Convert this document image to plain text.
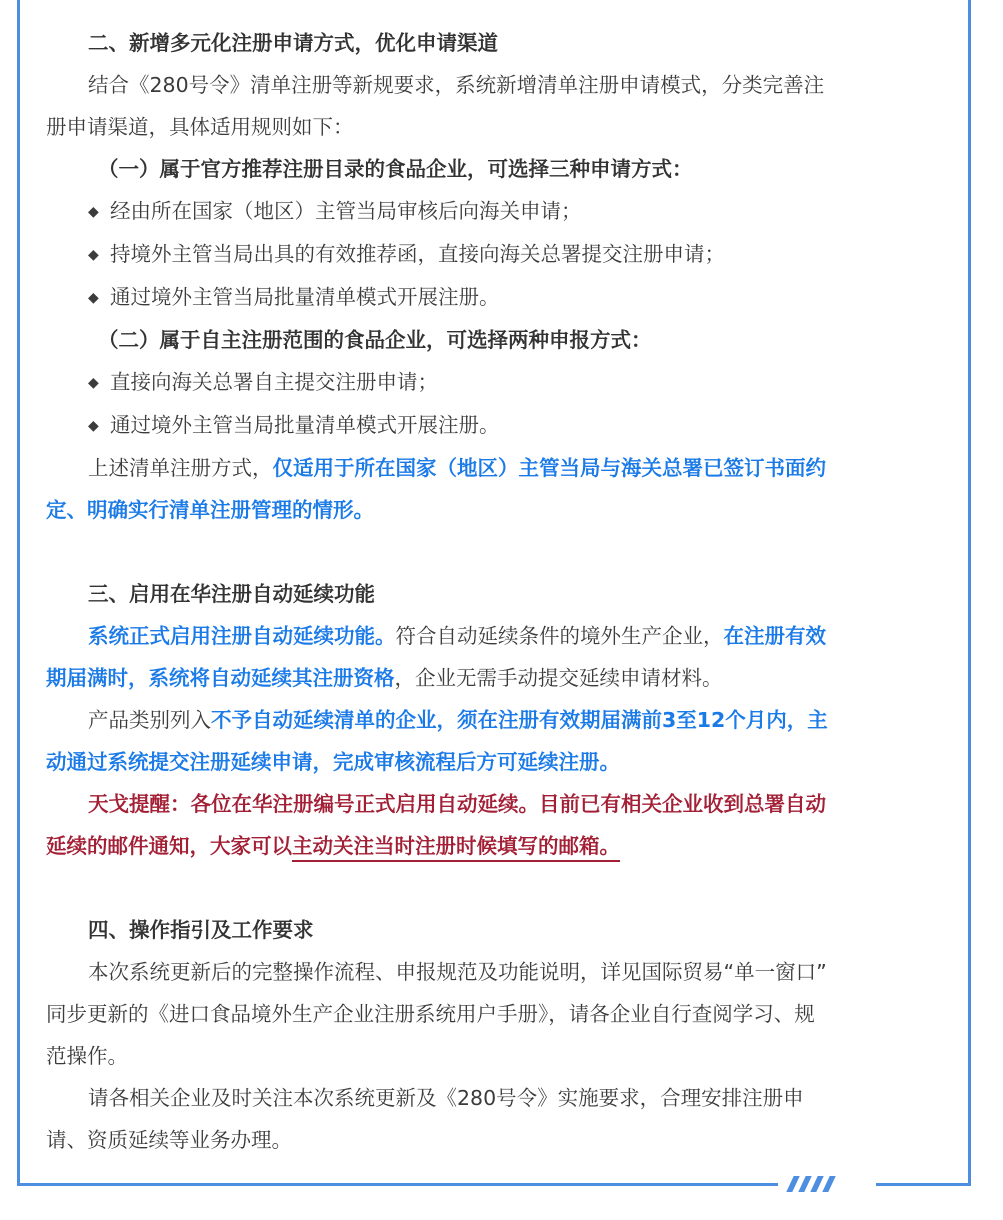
二、新增多元化注册申请方式，优化申请渠道

结合《280号令》清单注册等新规要求，系统新增清单注册申请模式，分类完善注

册申请渠道，具体适用规则如下：

（一）属于官方推荐注册目录的食品企业，可选择三种申请方式：

◆ 经由所在国家（地区）主管当局审核后向海关申请；

◆ 持境外主管当局出具的有效推荐函，直接向海关总署提交注册申请；

◆ 通过境外主管当局批量清单模式开展注册。

（二）属于自主注册范围的食品企业，可选择两种申报方式：

◆ 直接向海关总署自主提交注册申请；

◆ 通过境外主管当局批量清单模式开展注册。

上述清单注册方式，仅适用于所在国家（地区）主管当局与海关总署已签订书面约

定、明确实行清单注册管理的情形。

三、启用在华注册自动延续功能

系统正式启用注册自动延续功能。符合自动延续条件的境外生产企业，在注册有效

期届满时，系统将自动延续其注册资格，企业无需手动提交延续申请材料。

产品类别列入不予自动延续清单的企业，须在注册有效期届满前3至12个月内，主

动通过系统提交注册延续申请，完成审核流程后方可延续注册。

天戈提醒：各位在华注册编号正式启用自动延续。目前已有相关企业收到总署自动

延续的邮件通知，大家可以主动关注当时注册时候填写的邮箱。

四、操作指引及工作要求

本次系统更新后的完整操作流程、申报规范及功能说明，详见国际贸易“单一窗口”

同步更新的《进口食品境外生产企业注册系统用户手册》，请各企业自行查阅学习、规

范操作。

请各相关企业及时关注本次系统更新及《280号令》实施要求，合理安排注册申

请、资质延续等业务办理。
